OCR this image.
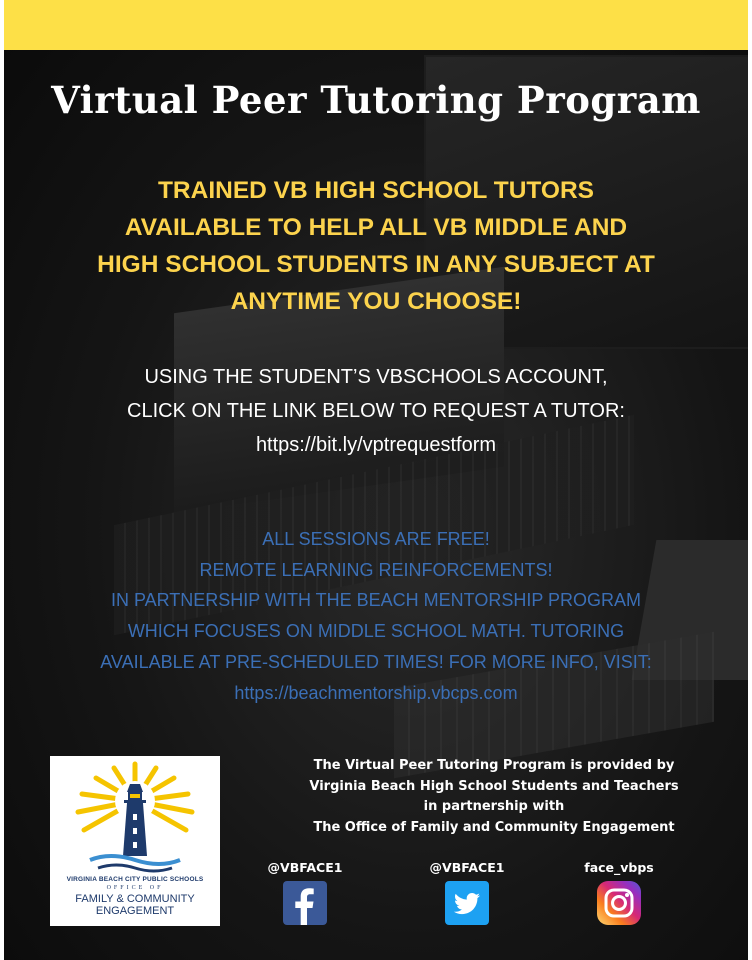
Virtual Peer Tutoring Program
TRAINED VB HIGH SCHOOL TUTORS
AVAILABLE TO HELP ALL VB MIDDLE AND
HIGH SCHOOL STUDENTS IN ANY SUBJECT AT
ANYTIME YOU CHOOSE!
USING THE STUDENT’S VBSCHOOLS ACCOUNT,
CLICK ON THE LINK BELOW TO REQUEST A TUTOR:
https://bit.ly/vptrequestform
ALL SESSIONS ARE FREE!
REMOTE LEARNING REINFORCEMENTS!
IN PARTNERSHIP WITH THE BEACH MENTORSHIP PROGRAM
WHICH FOCUSES ON MIDDLE SCHOOL MATH. TUTORING
AVAILABLE AT PRE-SCHEDULED TIMES! FOR MORE INFO, VISIT:
https://beachmentorship.vbcps.com
VIRGINIA BEACH CITY PUBLIC SCHOOLS
OFFICE OF
FAMILY & COMMUNITY
ENGAGEMENT
The Virtual Peer Tutoring Program is provided by
Virginia Beach High School Students and Teachers
in partnership with
The Office of Family and Community Engagement
@VBFACE1	@VBFACE1	face_vbps
